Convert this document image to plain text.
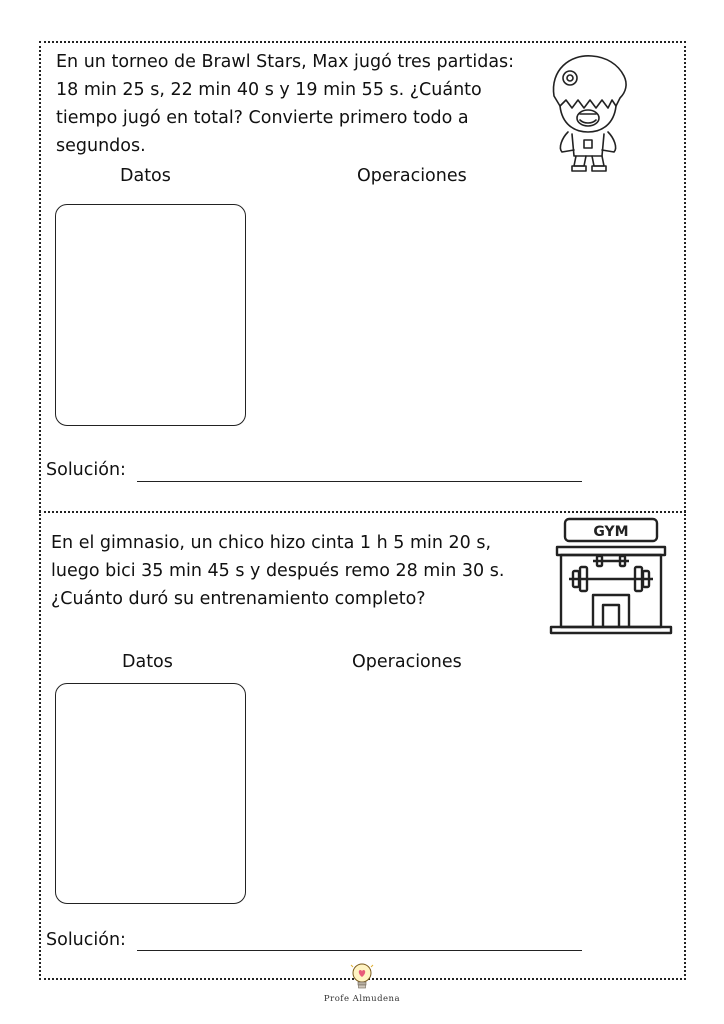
En un torneo de Brawl Stars, Max jugó tres partidas: 18 min 25 s, 22 min 40 s y 19 min 55 s. ¿Cuánto tiempo jugó en total? Convierte primero todo a segundos.

Datos	Operaciones
Solución:

En el gimnasio, un chico hizo cinta 1 h 5 min 20 s, luego bici 35 min 45 s y después remo 28 min 30 s. ¿Cuánto duró su entrenamiento completo?

GYM
Datos	Operaciones
Solución:
Profe Almudena
